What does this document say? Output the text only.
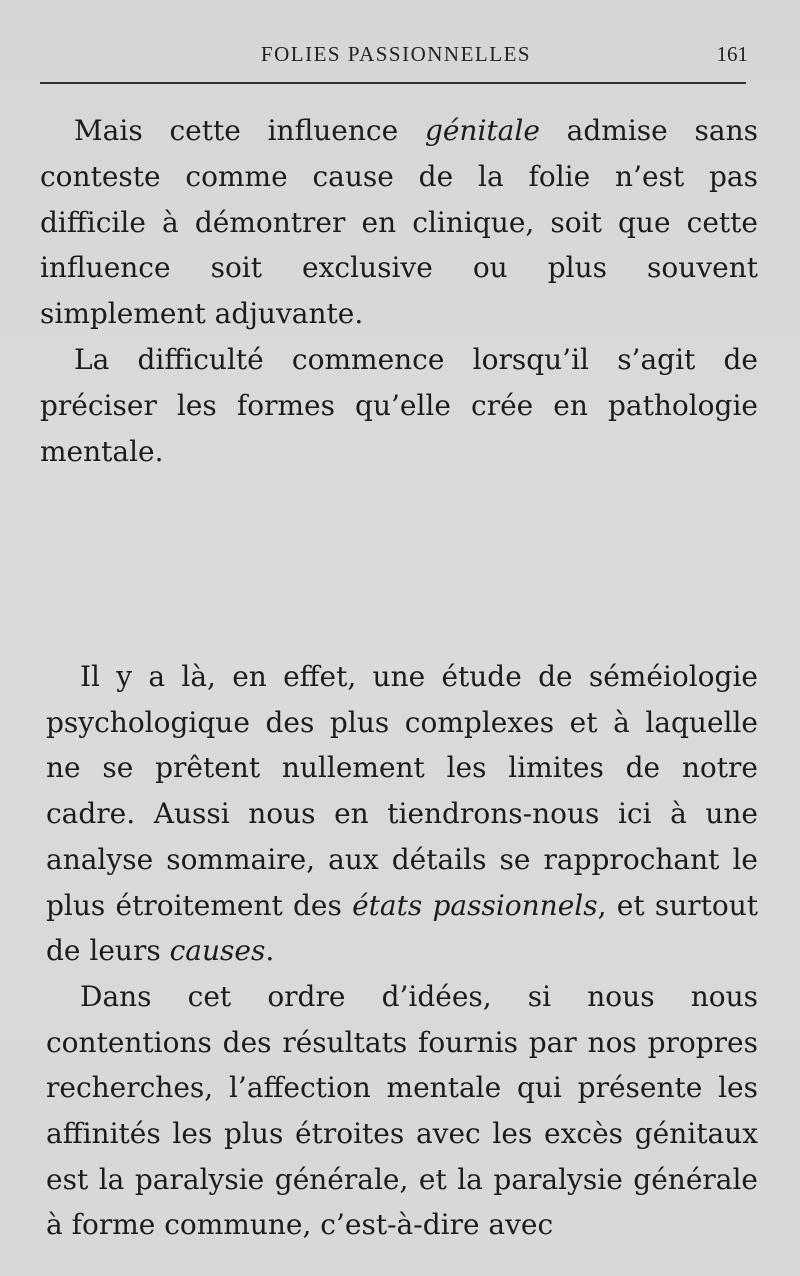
FOLIES PASSIONNELLES	161

Mais cette influence génitale admise sans conteste comme cause de la folie n’est pas difficile à démontrer en clinique, soit que cette influence soit exclusive ou plus souvent simplement adjuvante.

La difficulté commence lorsqu’il s’agit de préciser les formes qu’elle crée en pathologie mentale.

Il y a là, en effet, une étude de séméiologie psychologique des plus complexes et à laquelle ne se prêtent nullement les limites de notre cadre. Aussi nous en tiendrons-nous ici à une analyse sommaire, aux détails se rapprochant le plus étroitement des états passionnels, et surtout de leurs causes.

Dans cet ordre d’idées, si nous nous contentions des résultats fournis par nos propres recherches, l’affection mentale qui présente les affinités les plus étroites avec les excès génitaux est la paralysie générale, et la paralysie générale à forme commune, c’est-à-dire avec
